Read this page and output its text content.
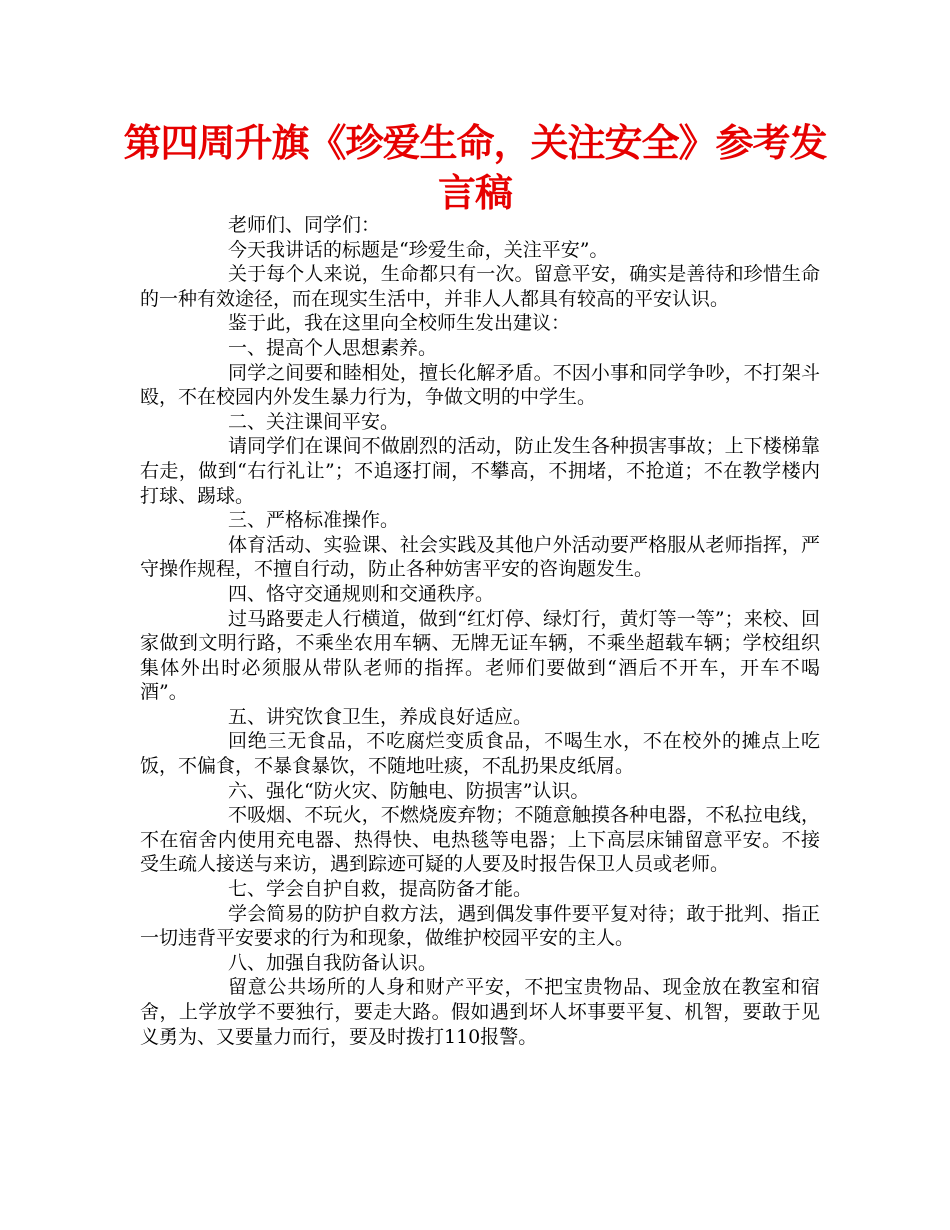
第四周升旗《珍爱生命，关注安全》参考发言稿

老师们、同学们：

今天我讲话的标题是“珍爱生命，关注平安”。

关于每个人来说，生命都只有一次。留意平安，确实是善待和珍惜生命的一种有效途径，而在现实生活中，并非人人都具有较高的平安认识。

鉴于此，我在这里向全校师生发出建议：

一、提高个人思想素养。

同学之间要和睦相处，擅长化解矛盾。不因小事和同学争吵，不打架斗殴，不在校园内外发生暴力行为，争做文明的中学生。

二、关注课间平安。

请同学们在课间不做剧烈的活动，防止发生各种损害事故；上下楼梯靠右走，做到“右行礼让”；不追逐打闹，不攀高，不拥堵，不抢道；不在教学楼内打球、踢球。

三、严格标准操作。

体育活动、实验课、社会实践及其他户外活动要严格服从老师指挥，严守操作规程，不擅自行动，防止各种妨害平安的咨询题发生。

四、恪守交通规则和交通秩序。

过马路要走人行横道，做到“红灯停、绿灯行，黄灯等一等”；来校、回家做到文明行路，不乘坐农用车辆、无牌无证车辆，不乘坐超载车辆；学校组织集体外出时必须服从带队老师的指挥。老师们要做到“酒后不开车，开车不喝酒”。

五、讲究饮食卫生，养成良好适应。

回绝三无食品，不吃腐烂变质食品，不喝生水，不在校外的摊点上吃饭，不偏食，不暴食暴饮，不随地吐痰，不乱扔果皮纸屑。

六、强化“防火灾、防触电、防损害”认识。

不吸烟、不玩火，不燃烧废弃物；不随意触摸各种电器，不私拉电线，不在宿舍内使用充电器、热得快、电热毯等电器；上下高层床铺留意平安。不接受生疏人接送与来访，遇到踪迹可疑的人要及时报告保卫人员或老师。

七、学会自护自救，提高防备才能。

学会简易的防护自救方法，遇到偶发事件要平复对待；敢于批判、指正一切违背平安要求的行为和现象，做维护校园平安的主人。

八、加强自我防备认识。

留意公共场所的人身和财产平安，不把宝贵物品、现金放在教室和宿舍，上学放学不要独行，要走大路。假如遇到坏人坏事要平复、机智，要敢于见义勇为、又要量力而行，要及时拨打110报警。
